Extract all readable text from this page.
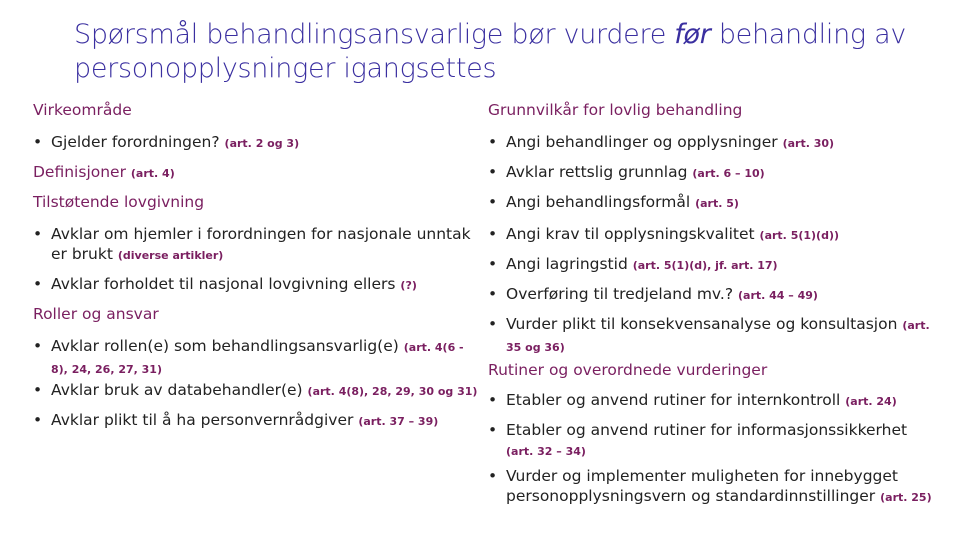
Spørsmål behandlingsansvarlige bør vurdere før behandling av personopplysninger igangsettes
Virkeområde
• Gjelder forordningen? (art. 2 og 3)
Definisjoner (art. 4)
Tilstøtende lovgivning
• Avklar om hjemler i forordningen for nasjonale unntak er brukt (diverse artikler)
• Avklar forholdet til nasjonal lovgivning ellers (?)
Roller og ansvar
• Avklar rollen(e) som behandlingsansvarlig(e) (art. 4(6 - 8), 24, 26, 27, 31)
• Avklar bruk av databehandler(e) (art. 4(8), 28, 29, 30 og 31)
• Avklar plikt til å ha personvernrådgiver (art. 37 – 39)
Grunnvilkår for lovlig behandling
• Angi behandlinger og opplysninger (art. 30)
• Avklar rettslig grunnlag (art. 6 – 10)
• Angi behandlingsformål (art. 5)
• Angi krav til opplysningskvalitet (art. 5(1)(d))
• Angi lagringstid (art. 5(1)(d), jf. art. 17)
• Overføring til tredjeland mv.? (art. 44 – 49)
• Vurder plikt til konsekvensanalyse og konsultasjon (art. 35 og 36)
Rutiner og overordnede vurderinger
• Etabler og anvend rutiner for internkontroll (art. 24)
• Etabler og anvend rutiner for informasjonssikkerhet (art. 32 – 34)
• Vurder og implementer muligheten for innebygget personopplysningsvern og standardinnstillinger (art. 25)
